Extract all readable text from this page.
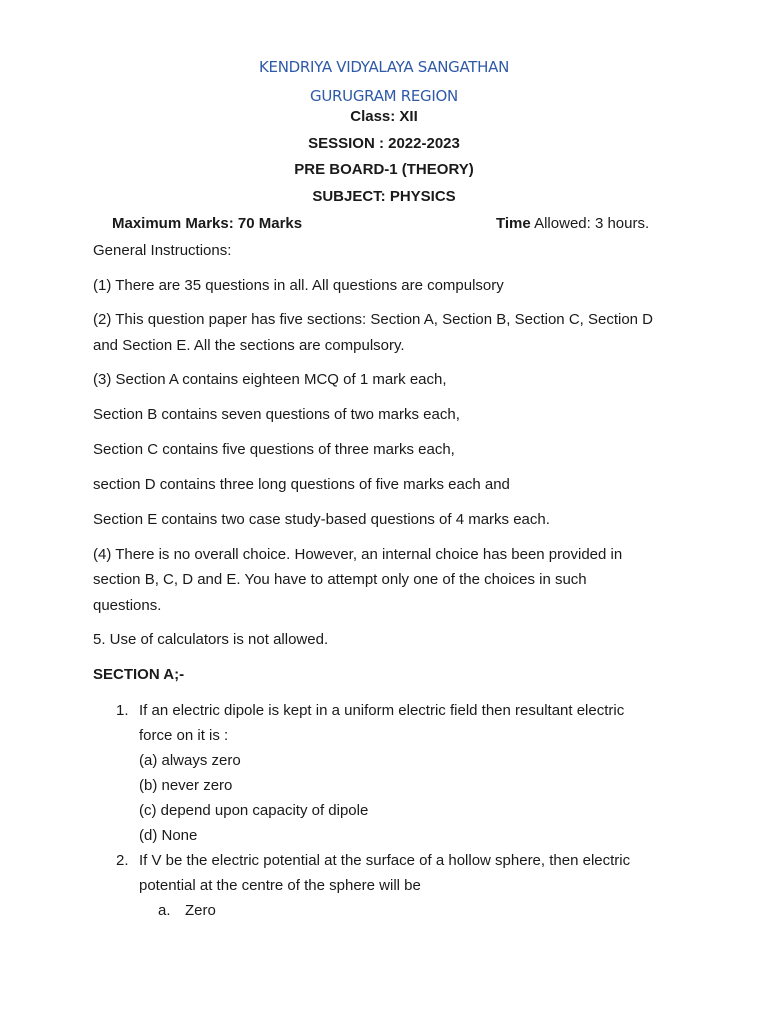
KENDRIYA VIDYALAYA SANGATHAN
GURUGRAM REGION
Class: XII
SESSION : 2022-2023
PRE BOARD-1 (THEORY)
SUBJECT: PHYSICS
Maximum Marks: 70 Marks	Time Allowed: 3 hours.
General Instructions:
(1) There are 35 questions in all. All questions are compulsory
(2) This question paper has five sections: Section A, Section B, Section C, Section D
and Section E. All the sections are compulsory.
(3) Section A contains eighteen MCQ of 1 mark each,
Section B contains seven questions of two marks each,
Section C contains five questions of three marks each,
section D contains three long questions of five marks each and
Section E contains two case study-based questions of 4 marks each.
(4) There is no overall choice. However, an internal choice has been provided in
section B, C, D and E. You have to attempt only one of the choices in such
questions.
5. Use of calculators is not allowed.
SECTION A;-
1. If an electric dipole is kept in a uniform electric field then resultant electric
force on it is :
(a) always zero
(b) never zero
(c) depend upon capacity of dipole
(d) None
2. If V be the electric potential at the surface of a hollow sphere, then electric
potential at the centre of the sphere will be
a. Zero
